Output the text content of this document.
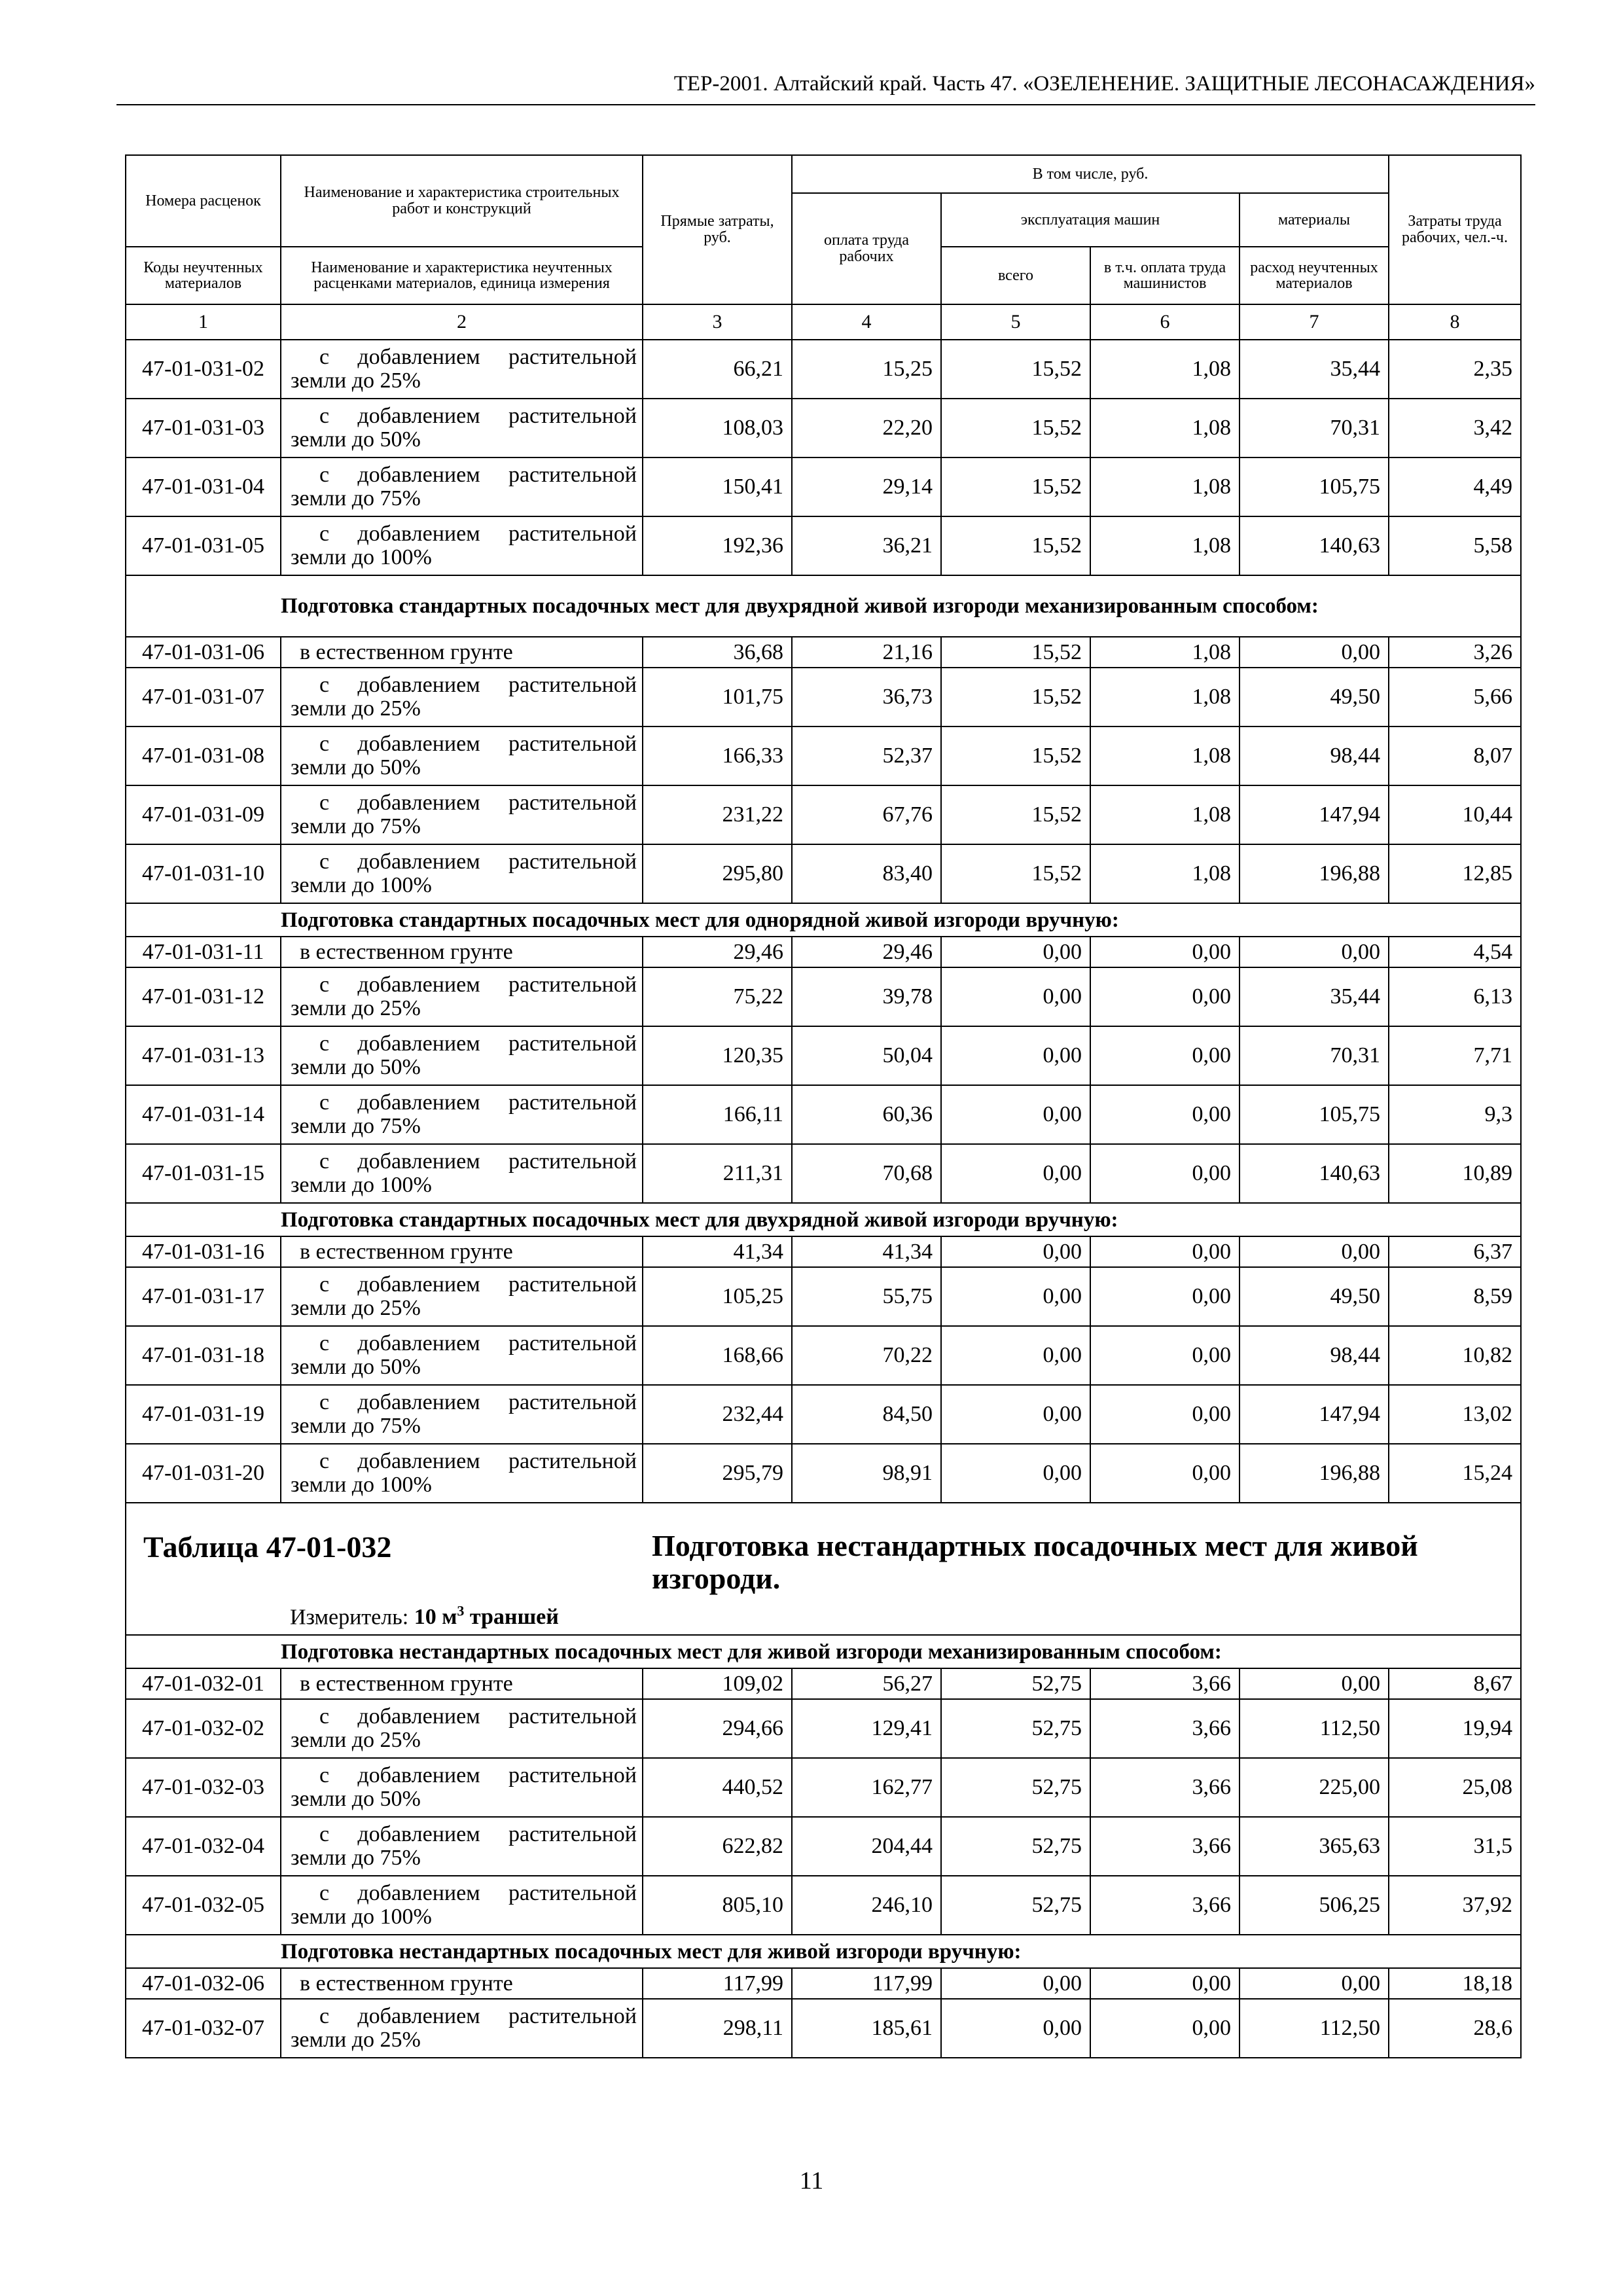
ТЕР-2001. Алтайский край. Часть 47. «ОЗЕЛЕНЕНИЕ. ЗАЩИТНЫЕ ЛЕСОНАСАЖДЕНИЯ»
Номера расценок	Наименование и характеристика строительных работ и конструкций	Прямые затраты, руб.	В том числе, руб.				Затраты труда рабочих, чел.-ч.
			оплата труда рабочих	эксплуатация машин		материалы	
Коды неучтенных материалов	Наименование и характеристика неучтенных расценками материалов, единица измерения			всего	в т.ч. оплата труда машинистов	расход неучтенных материалов	
1	2	3	4	5	6	7	8
47-01-031-02	с добавлением растительной
земли до 25%	66,21	15,25	15,52	1,08	35,44	2,35
47-01-031-03	с добавлением растительной
земли до 50%	108,03	22,20	15,52	1,08	70,31	3,42
47-01-031-04	с добавлением растительной
земли до 75%	150,41	29,14	15,52	1,08	105,75	4,49
47-01-031-05	с добавлением растительной
земли до 100%	192,36	36,21	15,52	1,08	140,63	5,58
	Подготовка стандартных посадочных мест для двухрядной живой изгороди механизированным способом:						
47-01-031-06	в естественном грунте	36,68	21,16	15,52	1,08	0,00	3,26
47-01-031-07	с добавлением растительной
земли до 25%	101,75	36,73	15,52	1,08	49,50	5,66
47-01-031-08	с добавлением растительной
земли до 50%	166,33	52,37	15,52	1,08	98,44	8,07
47-01-031-09	с добавлением растительной
земли до 75%	231,22	67,76	15,52	1,08	147,94	10,44
47-01-031-10	с добавлением растительной
земли до 100%	295,80	83,40	15,52	1,08	196,88	12,85
	Подготовка стандартных посадочных мест для однорядной живой изгороди вручную:						
47-01-031-11	в естественном грунте	29,46	29,46	0,00	0,00	0,00	4,54
47-01-031-12	с добавлением растительной
земли до 25%	75,22	39,78	0,00	0,00	35,44	6,13
47-01-031-13	с добавлением растительной
земли до 50%	120,35	50,04	0,00	0,00	70,31	7,71
47-01-031-14	с добавлением растительной
земли до 75%	166,11	60,36	0,00	0,00	105,75	9,3
47-01-031-15	с добавлением растительной
земли до 100%	211,31	70,68	0,00	0,00	140,63	10,89
	Подготовка стандартных посадочных мест для двухрядной живой изгороди вручную:						
47-01-031-16	в естественном грунте	41,34	41,34	0,00	0,00	0,00	6,37
47-01-031-17	с добавлением растительной
земли до 25%	105,25	55,75	0,00	0,00	49,50	8,59
47-01-031-18	с добавлением растительной
земли до 50%	168,66	70,22	0,00	0,00	98,44	10,82
47-01-031-19	с добавлением растительной
земли до 75%	232,44	84,50	0,00	0,00	147,94	13,02
47-01-031-20	с добавлением растительной
земли до 100%	295,79	98,91	0,00	0,00	196,88	15,24

Таблица 47-01-032 Подготовка нестандартных посадочных мест для живой изгороди.
Измеритель: 10 $м^3$ траншей							

	Подготовка нестандартных посадочных мест для живой изгороди механизированным способом:						
47-01-032-01	в естественном грунте	109,02	56,27	52,75	3,66	0,00	8,67
47-01-032-02	с добавлением растительной
земли до 25%	294,66	129,41	52,75	3,66	112,50	19,94
47-01-032-03	с добавлением растительной
земли до 50%	440,52	162,77	52,75	3,66	225,00	25,08
47-01-032-04	с добавлением растительной
земли до 75%	622,82	204,44	52,75	3,66	365,63	31,5
47-01-032-05	с добавлением растительной
земли до 100%	805,10	246,10	52,75	3,66	506,25	37,92
	Подготовка нестандартных посадочных мест для живой изгороди вручную:						
47-01-032-06	в естественном грунте	117,99	117,99	0,00	0,00	0,00	18,18
47-01-032-07	с добавлением растительной
земли до 25%	298,11	185,61	0,00	0,00	112,50	28,6
11
